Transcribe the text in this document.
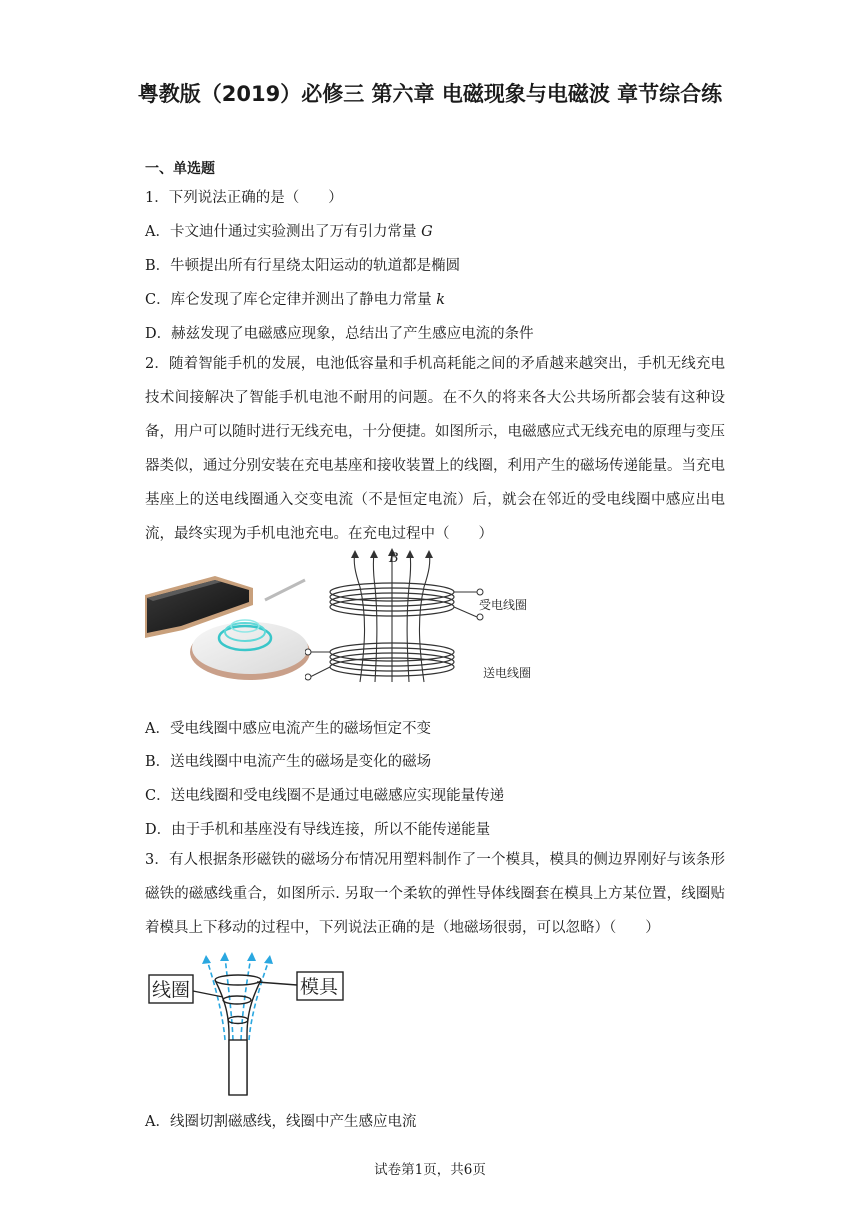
粤教版（2019）必修三 第六章 电磁现象与电磁波 章节综合练
一、单选题
1．下列说法正确的是（　　）
A．卡文迪什通过实验测出了万有引力常量 G
B．牛顿提出所有行星绕太阳运动的轨道都是椭圆
C．库仑发现了库仑定律并测出了静电力常量 k
D．赫兹发现了电磁感应现象，总结出了产生感应电流的条件
2．随着智能手机的发展，电池低容量和手机高耗能之间的矛盾越来越突出，手机无线充电技术间接解决了智能手机电池不耐用的问题。在不久的将来各大公共场所都会装有这种设备，用户可以随时进行无线充电，十分便捷。如图所示，电磁感应式无线充电的原理与变压器类似，通过分别安装在充电基座和接收装置上的线圈，利用产生的磁场传递能量。当充电基座上的送电线圈通入交变电流（不是恒定电流）后，就会在邻近的受电线圈中感应出电流，最终实现为手机电池充电。在充电过程中（　　）
B
受电线圈
送电线圈
A．受电线圈中感应电流产生的磁场恒定不变
B．送电线圈中电流产生的磁场是变化的磁场
C．送电线圈和受电线圈不是通过电磁感应实现能量传递
D．由于手机和基座没有导线连接，所以不能传递能量
3．有人根据条形磁铁的磁场分布情况用塑料制作了一个模具，模具的侧边界刚好与该条形磁铁的磁感线重合，如图所示. 另取一个柔软的弹性导体线圈套在模具上方某位置，线圈贴着模具上下移动的过程中，下列说法正确的是（地磁场很弱，可以忽略）（　　）
线圈	模具
A．线圈切割磁感线，线圈中产生感应电流
试卷第1页，共6页
